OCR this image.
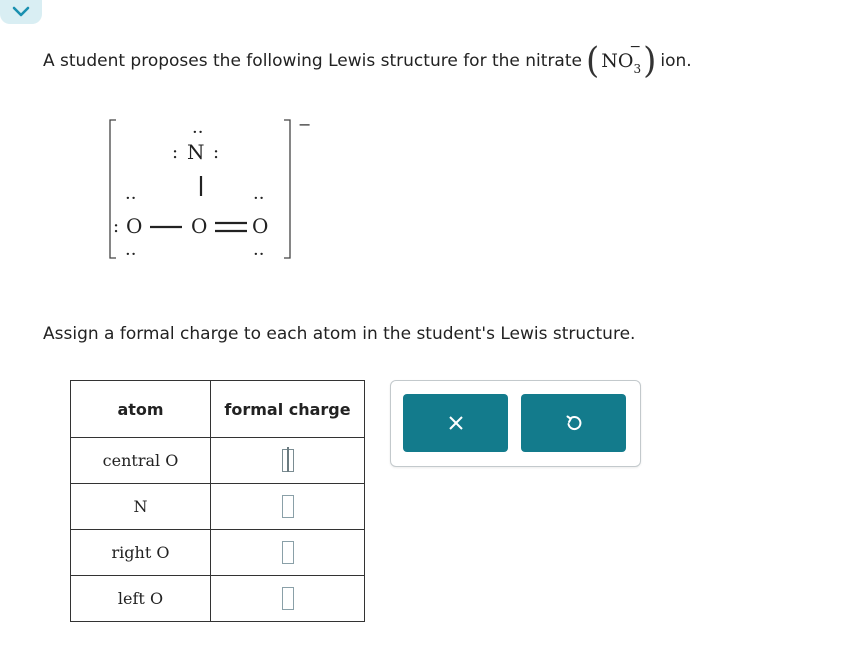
A student proposes the following Lewis structure for the nitrate ( $NO_3$
− ) ion.
−
··
: N :
··
: O
··
O
··
O
··
Assign a formal charge to each atom in the student's Lewis structure.
atom	formal charge
central O	
N	
right O	
left O	
